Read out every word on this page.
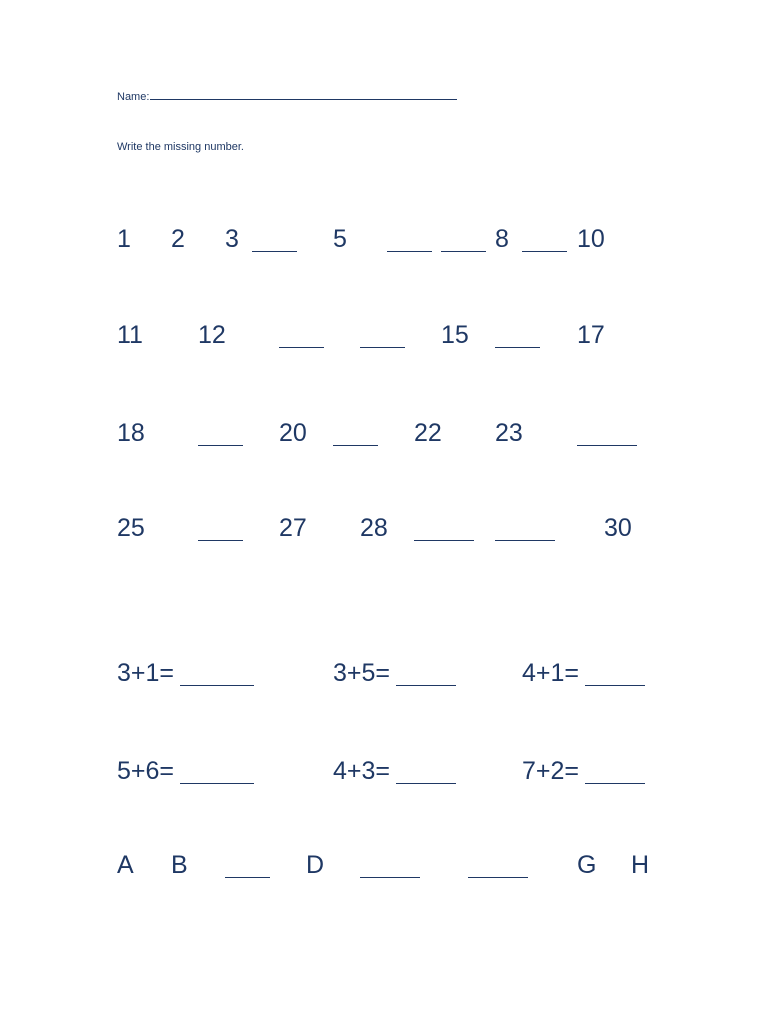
Name:
Write the missing number.
1 2 3	5	8	10
11 12	15	17
18	20	22 23
25	27 28	30
3+1=	3+5=	4+1=
5+6=	4+3=	7+2=
A B	D	G H
